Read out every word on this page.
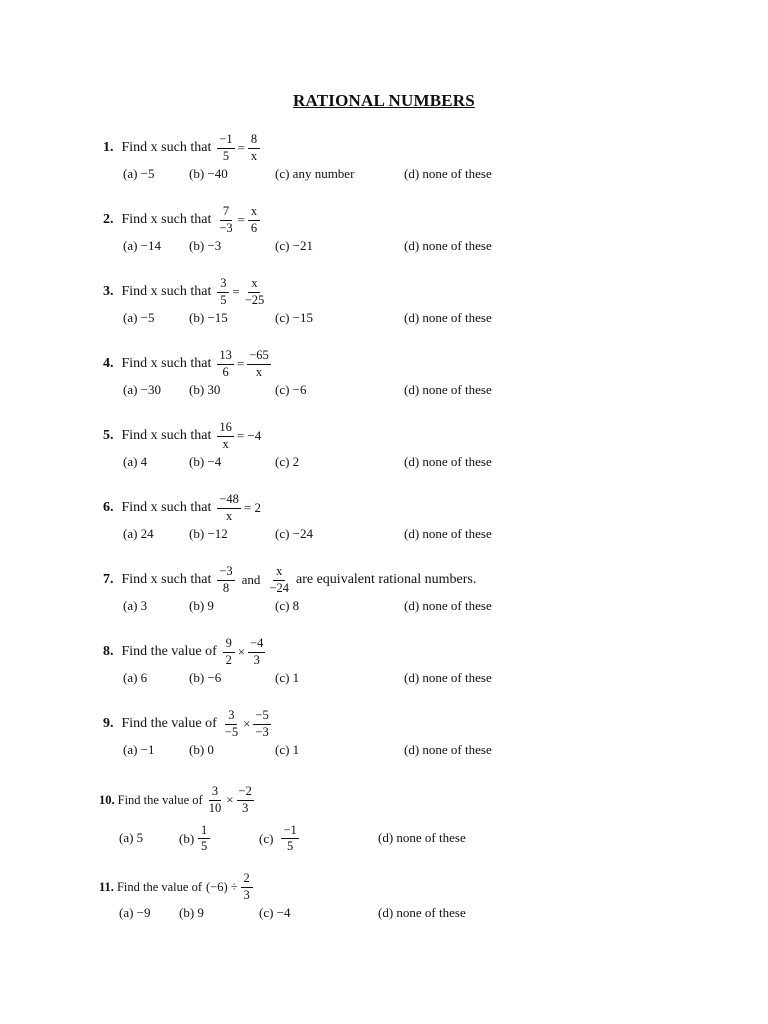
RATIONAL NUMBERS
1. Find x such that $\frac{-1}{5} = \frac{8}{x}$
(a) −5	(b) −40	(c) any number	(d) none of these
2. Find x such that $\frac{7}{-3} = \frac{x}{6}$
(a) −14 (b) −3	(c) −21	(d) none of these
3. Find x such that $\frac{3}{5} = \frac{x}{-25}$
(a) −5	(b) −15	(c) −15	(d) none of these
4. Find x such that $\frac{13}{6} = \frac{-65}{x}$
(a) −30 (b) 30	(c) −6	(d) none of these
5. Find x such that $\frac{16}{x} = -4$
(a) 4	(b) −4	(c) 2	(d) none of these
6. Find x such that $\frac{-48}{x} = 2$
(a) 24	(b) −12	(c) −24	(d) none of these
7. Find x such that $\frac{-3}{8}$ and $\frac{x}{-24}$ are equivalent rational numbers.
(a) 3	(b) 9	(c) 8	(d) none of these
8. Find the value of $\frac{9}{2} \times \frac{-4}{3}$
(a) 6	(b) −6	(c) 1	(d) none of these
9. Find the value of $\frac{3}{-5} \times \frac{-5}{-3}$
(a) −1	(b) 0	(c) 1	(d) none of these
10. Find the value of $\frac{3}{10} \times \frac{-2}{3}$
(a) 5	$(b) \frac{1}{5}$	$(c) \frac{-1}{5}$	(d) none of these
11. Find the value of $(-6) \div \frac{2}{3}$
(a) −9 (b) 9	(c) −4	(d) none of these
